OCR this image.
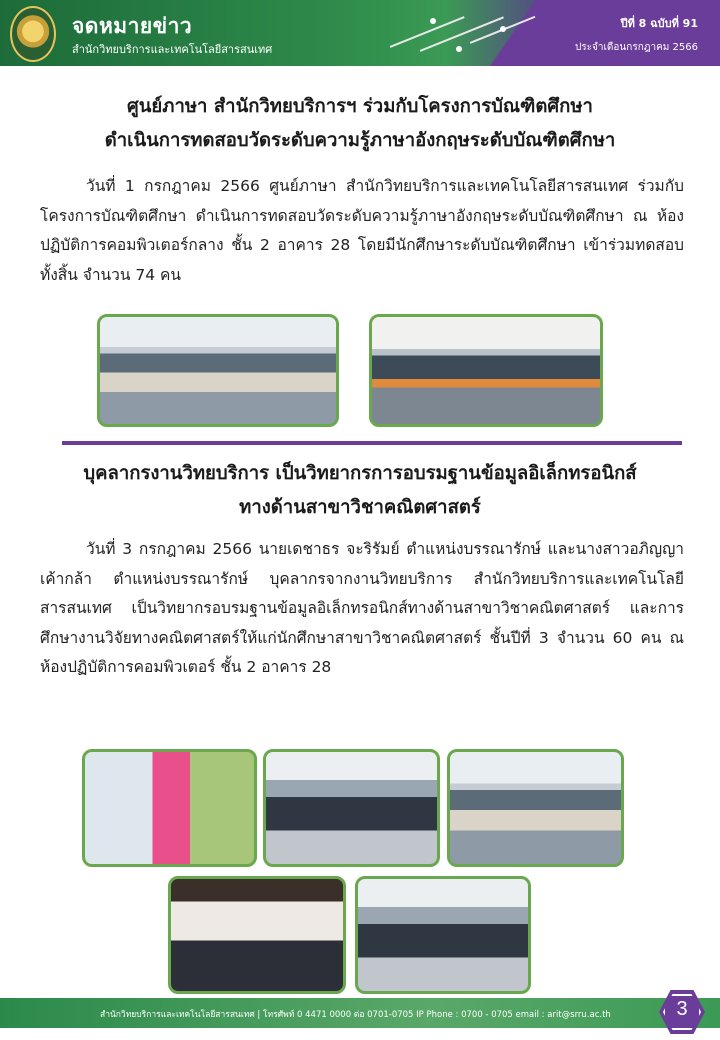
จดหมายข่าว
สำนักวิทยบริการและเทคโนโลยีสารสนเทศ
ปีที่ 8 ฉบับที่ 91
ประจำเดือนกรกฎาคม 2566
ศูนย์ภาษา สำนักวิทยบริการฯ ร่วมกับโครงการบัณฑิตศึกษา
ดำเนินการทดสอบวัดระดับความรู้ภาษาอังกฤษระดับบัณฑิตศึกษา
วันที่ 1 กรกฎาคม 2566 ศูนย์ภาษา สำนักวิทยบริการและเทคโนโลยีสารสนเทศ ร่วมกับโครงการบัณฑิตศึกษา ดำเนินการทดสอบวัดระดับความรู้ภาษาอังกฤษระดับบัณฑิตศึกษา ณ ห้องปฏิบัติการคอมพิวเตอร์กลาง ชั้น 2 อาคาร 28 โดยมีนักศึกษาระดับบัณฑิตศึกษา เข้าร่วมทดสอบทั้งสิ้น จำนวน 74 คน
บุคลากรงานวิทยบริการ เป็นวิทยากรการอบรมฐานข้อมูลอิเล็กทรอนิกส์
ทางด้านสาขาวิชาคณิตศาสตร์
วันที่ 3 กรกฎาคม 2566 นายเดชาธร จะริรัมย์ ตำแหน่งบรรณารักษ์ และนางสาวอภิญญา เค้ากล้า ตำแหน่งบรรณารักษ์ บุคลากรจากงานวิทยบริการ สำนักวิทยบริการและเทคโนโลยีสารสนเทศ เป็นวิทยากรอบรมฐานข้อมูลอิเล็กทรอนิกส์ทางด้านสาขาวิชาคณิตศาสตร์ และการศึกษางานวิจัยทางคณิตศาสตร์ให้แก่นักศึกษาสาขาวิชาคณิตศาสตร์ ชั้นปีที่ 3 จำนวน 60 คน ณ ห้องปฏิบัติการคอมพิวเตอร์ ชั้น 2 อาคาร 28
สำนักวิทยบริการและเทคโนโลยีสารสนเทศ | โทรศัพท์ 0 4471 0000 ต่อ 0701-0705 IP Phone : 0700 - 0705 email : arit@srru.ac.th	3
